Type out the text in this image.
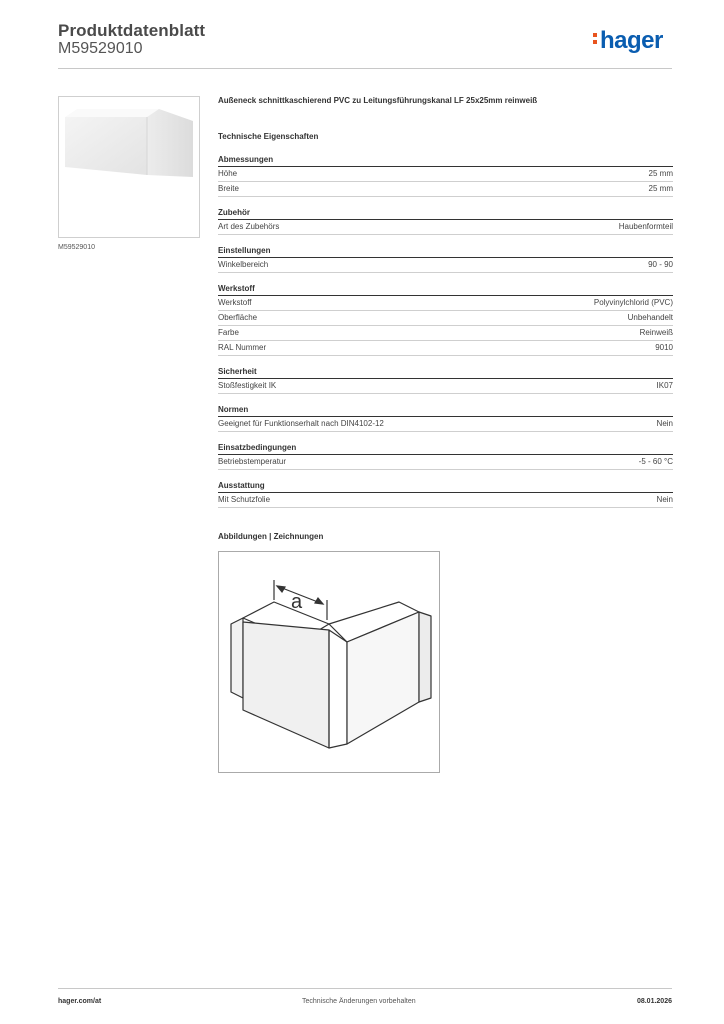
Produktdatenblatt
M59529010	hager
M59529010
Außeneck schnittkaschierend PVC zu Leitungsführungskanal LF 25x25mm reinweiß
Technische Eigenschaften
Abmessungen
Höhe	25 mm
Breite	25 mm
Zubehör
Art des Zubehörs	Haubenformteil
Einstellungen
Winkelbereich	90 - 90
Werkstoff
Werkstoff	Polyvinylchlorid (PVC)
Oberfläche	Unbehandelt
Farbe	Reinweiß
RAL Nummer	9010
Sicherheit
Stoßfestigkeit IK	IK07
Normen
Geeignet für Funktionserhalt nach DIN4102-12	Nein
Einsatzbedingungen
Betriebstemperatur	-5 - 60 °C
Ausstattung
Mit Schutzfolie	Nein
Abbildungen | Zeichnungen
a
hager.com/at	Technische Änderungen vorbehalten	08.01.2026
